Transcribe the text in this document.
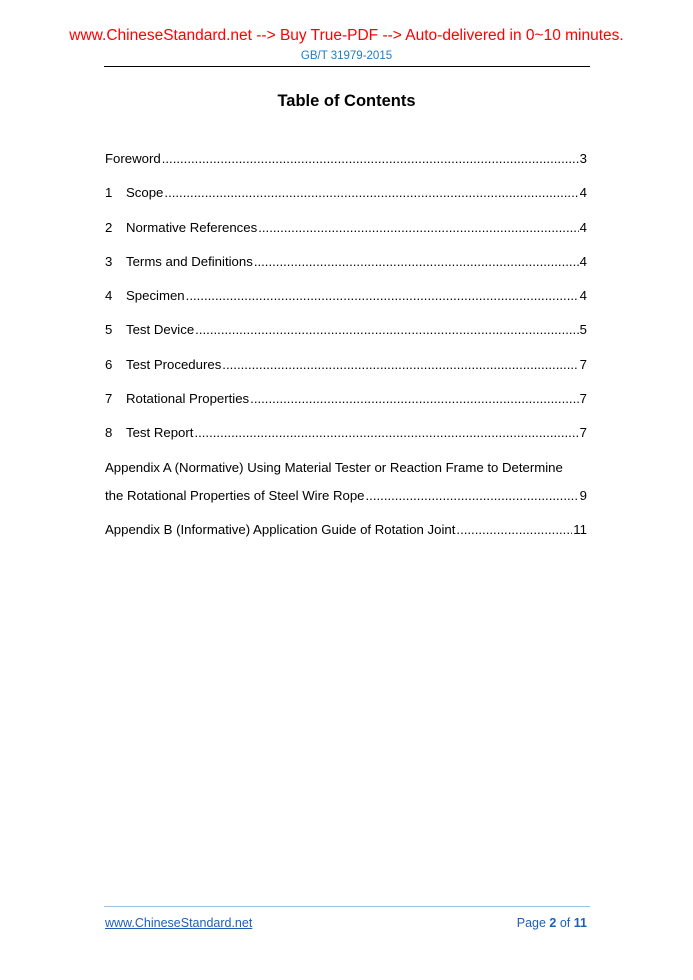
www.ChineseStandard.net --> Buy True-PDF --> Auto-delivered in 0~10 minutes.
GB/T 31979-2015
Table of Contents
Foreword .....	3
1	Scope .....	4
2	Normative References .....	4
3	Terms and Definitions .....	4
4	Specimen .....	4
5	Test Device .....	5
6	Test Procedures .....	7
7	Rotational Properties .....	7
8	Test Report .....	7
Appendix A (Normative) Using Material Tester or Reaction Frame to Determine
the Rotational Properties of Steel Wire Rope .....	9
Appendix B (Informative) Application Guide of Rotation Joint .....	11
www.ChineseStandard.net	Page 2 of 11
